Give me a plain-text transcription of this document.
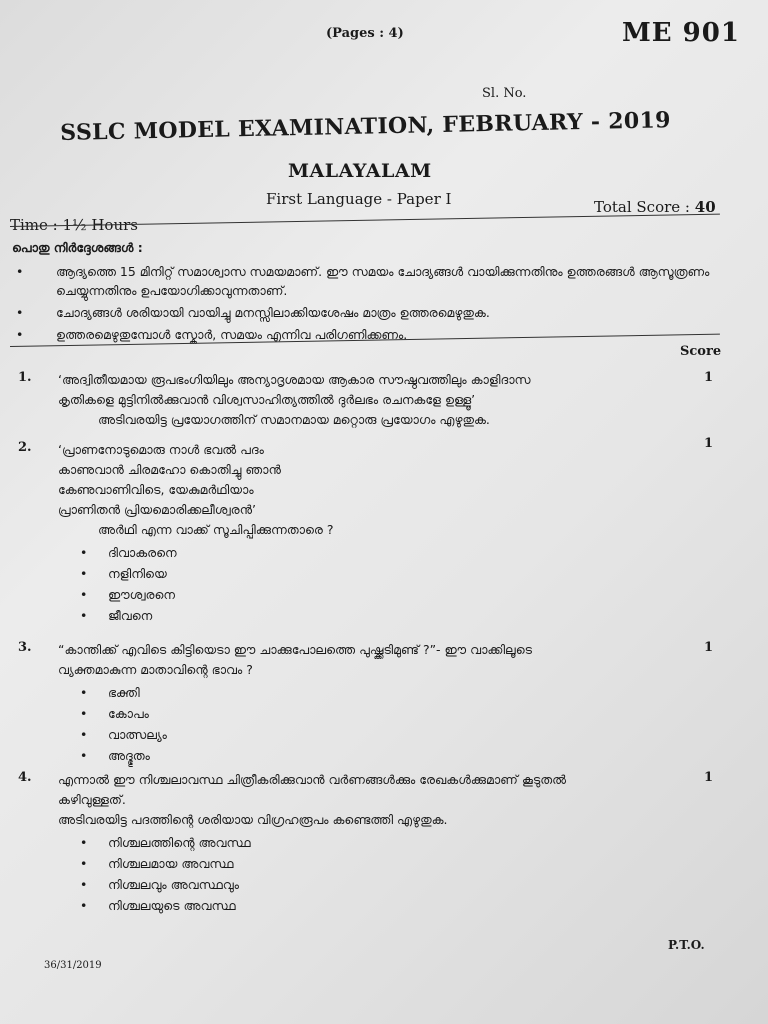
(Pages : 4)	ME 901
Sl. No.
SSLC MODEL EXAMINATION, FEBRUARY - 2019
MALAYALAM
First Language - Paper I
Time : 1½ Hours
Total Score : 40
പൊതു നിർദ്ദേശങ്ങൾ :
• ആദ്യത്തെ 15 മിനിറ്റ് സമാശ്വാസ സമയമാണ്. ഈ സമയം ചോദ്യങ്ങൾ വായിക്കുന്നതിനും ഉത്തരങ്ങൾ ആസൂത്രണം ചെയ്യുന്നതിനും ഉപയോഗിക്കാവുന്നതാണ്.
• ചോദ്യങ്ങൾ ശരിയായി വായിച്ചു മനസ്സിലാക്കിയശേഷം മാത്രം ഉത്തരമെഴുതുക.
• ഉത്തരമെഴുതുമ്പോൾ സ്കോർ, സമയം എന്നിവ പരിഗണിക്കണം.
Score
1.	1
‘അദ്വിതീയമായ രൂപഭംഗിയിലും അന്യാദൃശമായ ആകാര സൗഷ്ഠവത്തിലും കാളിദാസ
കൃതികളെ മുട്ടിനിൽക്കുവാൻ വിശ്വസാഹിത്യത്തിൽ ദുർലഭം രചനകളേ ഉള്ളൂ’
അടിവരയിട്ട പ്രയോഗത്തിന് സമാനമായ മറ്റൊരു പ്രയോഗം എഴുതുക.
2.	1
‘പ്രാണനോടുമൊരു നാൾ ഭവൽ പദം
കാണുവാൻ ചിരമഹോ കൊതിച്ചു ഞാൻ
കേണുവാണിവിടെ, യേകുമർഥിയാം
പ്രാണിതൻ പ്രിയമൊരിക്കലീശ്വരൻ’
അർഥി എന്ന വാക്ക് സൂചിപ്പിക്കുന്നതാരെ ?
• ദിവാകരനെ
• നളിനിയെ
• ഈശ്വരനെ
• ജീവനെ
3.	1
“കാന്തിക്ക് എവിടെ കിട്ടിയെടാ ഈ ചാക്കുപോലത്തെ പുഷ്ക്കടിമുണ്ട് ?”- ഈ വാക്കിലൂടെ
വ്യക്തമാകുന്ന മാതാവിന്റെ ഭാവം ?
• ഭക്തി
• കോപം
• വാത്സല്യം
• അദ്ഭുതം
4.	1
എന്നാൽ ഈ നിശ്ചലാവസ്ഥ ചിത്രീകരിക്കുവാൻ വർണങ്ങൾക്കും രേഖകൾക്കുമാണ് കൂടുതൽ
കഴിവുള്ളത്.
അടിവരയിട്ട പദത്തിന്റെ ശരിയായ വിഗ്രഹരൂപം കണ്ടെത്തി എഴുതുക.
• നിശ്ചലത്തിന്റെ അവസ്ഥ
• നിശ്ചലമായ അവസ്ഥ
• നിശ്ചലവും അവസ്ഥവും
• നിശ്ചലയുടെ അവസ്ഥ
P.T.O.
36/31/2019
